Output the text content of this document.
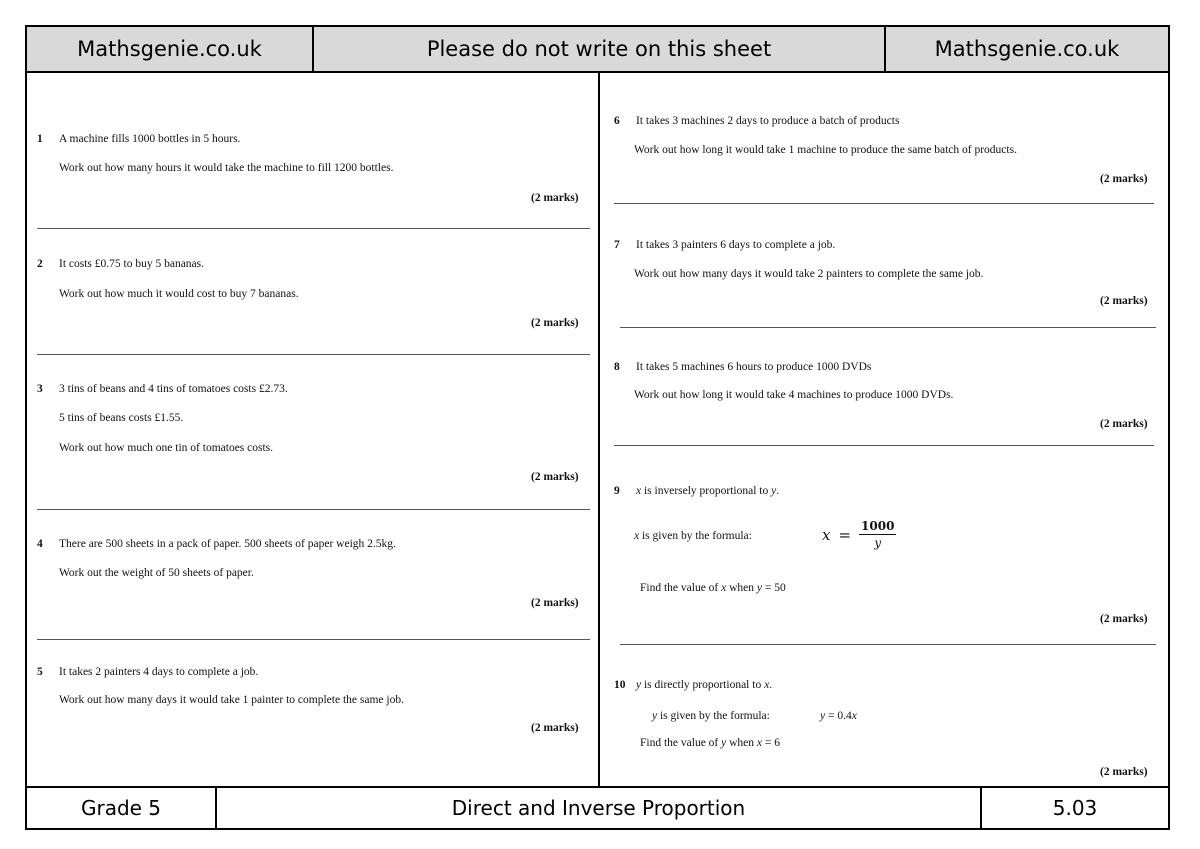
Mathsgenie.co.uk	Please do not write on this sheet	Mathsgenie.co.uk
1 A machine fills 1000 bottles in 5 hours.
Work out how many hours it would take the machine to fill 1200 bottles.
(2 marks)
2 It costs £0.75 to buy 5 bananas.
Work out how much it would cost to buy 7 bananas.
(2 marks)
3 3 tins of beans and 4 tins of tomatoes costs £2.73.
5 tins of beans costs £1.55.
Work out how much one tin of tomatoes costs.
(2 marks)
4 There are 500 sheets in a pack of paper. 500 sheets of paper weigh 2.5kg.
Work out the weight of 50 sheets of paper.
(2 marks)
5 It takes 2 painters 4 days to complete a job.
Work out how many days it would take 1 painter to complete the same job.
(2 marks)
6 It takes 3 machines 2 days to produce a batch of products
Work out how long it would take 1 machine to produce the same batch of products.
(2 marks)
7 It takes 3 painters 6 days to complete a job.
Work out how many days it would take 2 painters to complete the same job.
(2 marks)
8 It takes 5 machines 6 hours to produce 1000 DVDs
Work out how long it would take 4 machines to produce 1000 DVDs.
(2 marks)
9 x is inversely proportional to y.
x is given by the formula:
Find the value of x when y = 50
(2 marks)
$x = \frac{1000}{y}$
10 y is directly proportional to x.
y is given by the formula:	y = 0.4x
Find the value of y when x = 6
(2 marks)
Grade 5	Direct and Inverse Proportion	5.03
